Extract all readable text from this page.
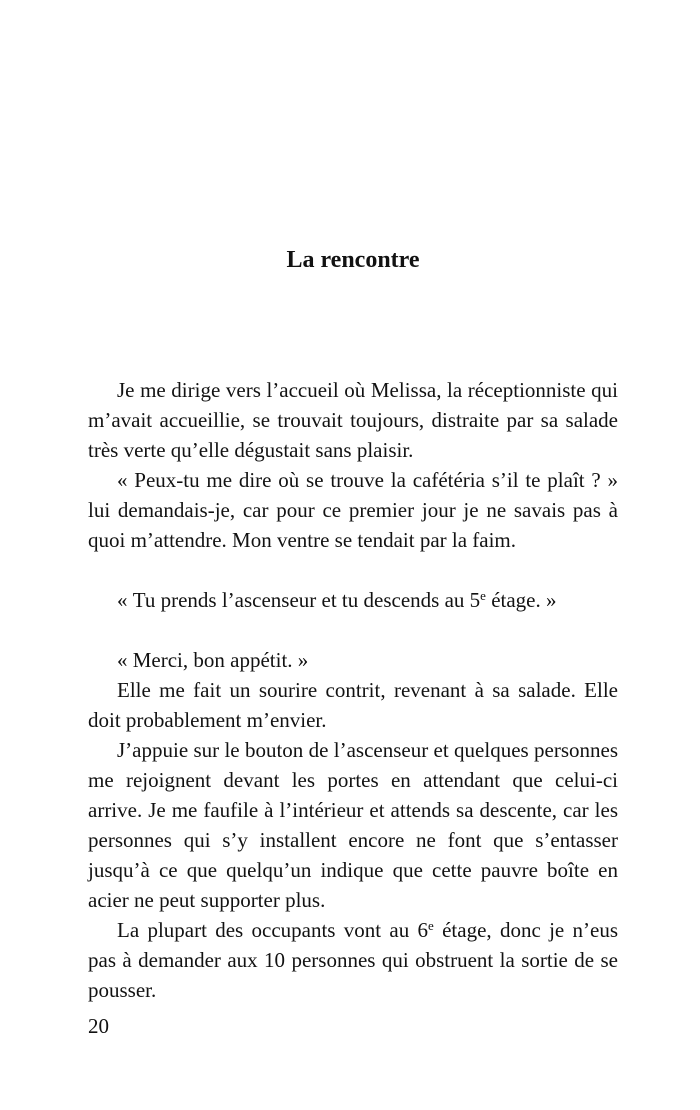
La rencontre

Je me dirige vers l’accueil où Melissa, la réceptionniste qui m’avait accueillie, se trouvait toujours, distraite par sa salade très verte qu’elle dégustait sans plaisir.

« Peux-tu me dire où se trouve la cafétéria s’il te plaît ? » lui demandais-je, car pour ce premier jour je ne savais pas à quoi m’attendre. Mon ventre se tendait par la faim.

« Tu prends l’ascenseur et tu descends au 5e étage. »

« Merci, bon appétit. »

Elle me fait un sourire contrit, revenant à sa salade. Elle doit probablement m’envier.

J’appuie sur le bouton de l’ascenseur et quelques personnes me rejoignent devant les portes en attendant que celui-ci arrive. Je me faufile à l’intérieur et attends sa descente, car les personnes qui s’y installent encore ne font que s’entasser jusqu’à ce que quelqu’un indique que cette pauvre boîte en acier ne peut supporter plus.

La plupart des occupants vont au 6e étage, donc je n’eus pas à demander aux 10 personnes qui obstruent la sortie de se pousser.

20
